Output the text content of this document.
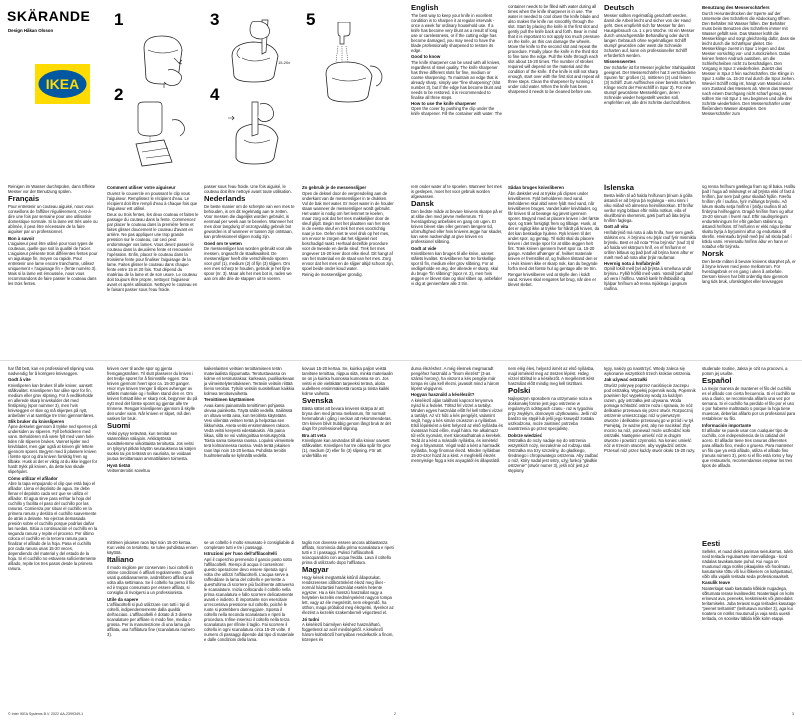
SKÄRANDE
Design Håkan Olsson
IKEA
1
2
3
4
5
15-20x

Reinigen im Wasser durchspülen, dann Effekte Messer vor der Benutzung spülen.

Français

Pour entretenir un couteau aiguisé, nous vous conseillons de l'affûter régulièrement, c'est-à-dire une fois par semaine pour une utilisation domestique normale. Si la lame est très usée ou abîmée, il peut être nécessaire de la faire aiguiser par un professionnel.

Bon à savoir

L'aiguiseur peut être utilisé pour tous types de couteaux, quelle que soit la qualité de l'acier. L'aiguiseur présente trois différentes fentes pour un aiguisage fin, moyen ou rapide. Pour entretenir une lame encore tranchante, utilisez uniquement « l'aiguisage fin » (fente numéro 3). Mais si la lame est émoussée, nous vous recommandons de faire passer le couteau dans les trois fentes.

Comment utiliser votre aiguiseur

Ouvrez le couvercle en poussant le clip vous l'aiguiseur. Remplissez le récipient d'eau. Le récipient doit être rempli d'eau à chaque fois que l'aiguiseur est utilisé.

Deux ou trois fentes, les deux couteau et faites le passage du couteau dans la fente. Commencez par placer le couteau dans la première fente et faites glisser doucement le couteau d'avant en arrière. Ne pas appliquer une trop grande pression sur le couteau, car ceci peut endommager vos lames. Vous devez passer le couteau dans la deuxième fente et renouveler l'opération. Enfin, placez le couteau dans la troisième fente pour finaliser l'aiguisage de la lame. Faites glisser le couteau dans chaque fente entre 15 et 20 fois. Tout dépend du matériau de la lame et de son usure. Le couteau doit toujours être propre, nettoyez l'aiguiseur avant et après utilisation. Nettoyez le couteau en le faisant passer sous l'eau froide.

passer sous l'eau froide. Une fois aiguisé, le couteau doit être nettoyé avant toute utilisation.

Nederlands

De beste manier om de scherpte van een mes te behouden, is om dit regelmatig aan te zetten. Voor messen die dagelijks worden gebruikt, is eenmaal per week aan te bevelen. Wanneer het mes door langdurig of onzorgvuldig gebruik bot geworden is of wanneer er tussen zijn ontstaan, kan professioneel slijpen nodig zijn.

Goed om te weten

De messenslijper kan worden gebruikt voor alle messen, ongeacht de staalkwaliteit. De messenslijper heeft drie verschillende sporen voor grof (1), medium (2) of fijn (3) slijpen. Om een mes scherp te houden, gebruik je het fijne spoor (nr. 3). Maar als het mes bot is, raden we aan om alle drie de stappen uit te voeren.

Zo gebruik je de messenslijper

Open de deksel door de vergrendeling aan de onderkant van de messenslijper in te drukken. Vul de bak met water. Er moet water in de houder staan wanneer de messenslijper wordt gebruikt. Het water is nodig om het lemmet te koelen, maar zorg ook dat het mes makkelijker door de sleuf glijdt. Begin met het plaatsen van het mes in de eerste sleuf en trek het mes voorzichtig naar je toe. Oefen niet te veel druk op het mes, om ervoor te zorgen dat het slijpwiel niet beschadigd raakt. Herhaal dezelfde procedure voor de tweede en derde sleuf. Trek het mes ongeveer 15-20 keer door elke sleuf. Dit hangt af van het materiaal en de staat van het mes. Zorg ervoor dat het mes en de slijper altijd schoon zijn, spoel beide onder koud water.

Reinig de messenslijper grondig.

English

The best way to keep your knife in excellent condition is to sharpen it at regular intervals - once a week for ordinary household use. If a knife has become very blunt as a result of long use or carelessness, or if the cutting edge has become damaged, you may need to have the blade professionally sharpened to restore its edge.

Good to know

The knife sharpener can be used with all knives, regardless of steel quality. The knife sharpener has three different slots for fine, medium or coarse sharpening. To maintain an edge that is already sharp, simply use "fine sharpening" (slot number 3), but if the edge has become blunt and needs to be restored, it is recommended to finalise all three steps.

How to use the knife sharpener

Open the cover by pushing the clip under the knife sharpener. Fill the container with water. The

container needs to be filled with water during all times when the knife sharpener is in use. The water is needed to cool down the knife blade and also makes the knife run smoothly through the slot. Start by placing the knife in the first slot and gently pull the knife back and forth. Bear in mind that it is important to not apply too much pressure on the knife, as this can damage the wheels. Move the knife to the second slot and repeat the procedure. Finally place the knife in the third slot to fine tune the edge. Pull the knife through each slot about 15-20 times. The number of strokes required will depend on the material and the condition of the knife. If the knife is still not sharp enough, start over with the first slot and repeat all three steps. Clean the sharpener by running it under cold water. When the knife has been sharpened it needs to be cleaned before use.

Deutsch

Messer sollten regelmäßig geschärft werden, damit die Arbeit leicht und sicher von der Hand geht. Dies empfiehlt sich für Messer für den Hausgebrauch ca. 1 x pro Woche. Ist ein Messer durch unsachgemäße Behandlung oder durch langen Gebrauch ohne regelmäßigen Schliff stumpf geworden oder weist die Schneide Scharten auf, kann ein professioneller Schliff erforderlich werden.

Wissenswertes

Der Schärfer ist für Messer jeglicher Stahlqualität geeignet. Der Messerschärfer hat 3 verschiedene Spuren für: großen (1), mittleren (2) und feinen (3) Schliff. Zum Auffrischen einer bereits scharfen Klinge reicht der Feinschliff in Spur 3). Für eine stumpf gewordene Messerklingen, deren Schneide wieder hergestellt werden soll, empfehlen wir, alle drei Schritte durchzuführen.

Benutzung des Messerschärfers

Durch Herunterdrücken der Sperre auf der Unterseite des Schärfers die Abdeckung öffnen. Den Behälter mit Wasser füllen. Der Behälter muss beim Benutzen des Schärfers immer mit Wasser gefüllt sein. Das Wasser kühlt die Messerklinge und sorgt gleichzeitig dafür, dass sie leicht durch die Schärfspur gleitet. Die Messerklinge zuerst in Spur 1 legen und das Messer vorsichtig vor- und zurückziehen. Dabei keinen festen Andruck ausüben, um die Schleifscheiben nicht zu beschädigen. Den Vorgang in Spur 2 wiederholen. Zuletzt das Messer in Spur 3 fein nachschärfen. Die Klinge in Spur 1 sollte ca. 15-20 mal durch die Spur ziehen. Wieviel Schliff nötig ist, hängt vom Material und vom Zustand des Messers ab. Wenn das Messer nach einem Durchgang nicht scharf genug ist, sollten Sie mit Spur 1 neu beginnen und alle drei Schritte wiederholen. Den Messerschärfer unter fließendem Wasser abspülen. Den Messerschärfer zum

rem onder water af te spoelen. Wanneer het mes is geslepen, moet het voor gebruik worden afgewassen.

Dansk

Den bedste måde at bevare knivens skarpe på er at slibe den med jævne mellemrum. Til hverdagsbrug anbefales en gang om ugen. Er kniven blevet sløv eller gennem længere tid, ufornuftighed eller hvis knivens ægge har skader, kan være nødvendigt at give kniven en professionel slibning.

Godt at vide

Knivsliberen kan bruges til alle knive, uanset stålets kvalitet. Knivsliberen har tre forskellige spor til fin, medium eller grov slibning. For at vedligeholde en æg, der allerede er skarp, skal du bruge "fin slibning" (spor nr. 3), men hvis æggen er blevet sløv og skal slibes op, anbefaler vi dig at gennemføre alle 3 trin.

Sådan bruges knivsliberen

Åbn dækslet ved at trykke på clipsen under knivsliberen. Fyld beholderen med vand. Beholderen skal altid være fyldt med vand, når knivsliberen bruges. Vandet køler knivbladet, og får kniven til at bevæge sig jævnt igennem sporet. Begynd med at placere kniven i det første spor, og træk forsigtigt frem og tilbage. Husk, at det er vigtigt ikke at trykke for hårdt på kniven, da det kan beskadige hjulene. Ryk kniven til det andet spor, og gentag. Til sidst skal du placere kniven i det tredje spor for at slibe æggen helt fint. Træk kniven igennem hvert spor ca. 15-20 gange. Antallet afhænger af, hvilket materiale kniven er fremstillet af, og hvilken tilstand den er i. Hvis kniven ikke er skarp nok, kan du begynde forfra med det første hul og gentage alle tre trin.

Rengør knivsliberen ved at skylle den i koldt vand. Kniven skal rengøres før brug, når den er blevet slebet.

Íslenska

Besta leiðin til að halda hnífunum þínum á góða ástandi er að brýna þá reglulega - einu sinni í viku miðað við almenna heimilisnotkun. Ef hnífur verður mjög bitlaus eftir mikla notkun, eða ef skurðbrúnin skemmist, gæti þurft að láta brýna hnífinn faglega.

Gott að vita

Hnífabrýnið má nota á alla hnífa, hver sem gæði stálsins eru. Á brýninu eru þrjár rauf fyrir mismikla brýnslu. Best er að nota "Fína brýnslu" (rauf 3) til að halda vel skörpum hníf, en ef hnífurinn er orðinn bitlaus og það þarf að brýna hann aftur er mælt með að nota allar þrjár raufarnar.

Hvernig nota á hnífabrýnið

Opnið lokið með því að þrýsta á smelluna undir brýninu. Fyllið hólfið með vatni. Vatnið þarf alltaf að vera í hólfinu. Vatnið kælir hnífsblaðið og hjálpar hnífnum að renna mjúklega í gegnum raufina.

og renna hnífnum gætilega fram og til baka. Hafðu það í huga að mikilvægt er að þrýsta ekki of fast á hnífinn, þar sem það getur skaðað hjólin. Færðu hnífinn yfir í raufina, fyrir miðlungs brýnslu. Að lokum skaltu setja hnífinn í þriðju raufina til að fínbrýna hnífsegginn. Dragið hnífinn fram og aftur 15-20 sinnum í hverri rauf. Eftir nauðsynlegum endurtekningum fer eftir gæðum stálsins og ástandi hnífsins. Ef hnífurinn er ekki nógu beittur skaltu byrja á byrjuninni aftur og endurtaka öll skrefin. Hreinsaðu brýnið með því að skola það í köldu vatni. Hreinsaðu hnífinn áður en hann er notaður eftir brýnslu.

Norsk

Den beste måten å bevare knivens skarphet på, er å bryne kniven med jevne mellomrom. For hverdagsbruk er en gang i uken å anbefale. Dersom kniven har blitt ordentlig sløv gjennom lang tids bruk, uforsiktighet eller knivseggen

har fått bett, kan en professionell slipning vara nødvendig for å korrigere knivseggen.

Godt å vite

Knivsliperen kan brukes til alle kniver, uansett stålkvalitet. Knivsliperen har ulike spor for fin, medium eller grov slipning. For å vedlikeholde en allerede skarp knivskulder det med finslipning (spor nummer 3), men hvis knivseggen er sløv og må skjerpes på nytt, anbefaler vi at samtlige tre trinn gjennomføres.

Slik bruker du knivsliperen

Åpne dekselet gjennom å trykke ned sperren på undersiden av sliperen. Fyll beholderen med vann. Beholderen må være fylt med vann hele tiden når sliperen brukes. Vannet kjøler ned knivbladet, men gjør også at kniven glir lettere gjennom sporet. Begynn med å plassere kniven i første spor og dra kniven forsiktig frem og tilbake. Husk at det er viktig at du ikke legger for hardt trykk på kniven, da dette kan skade slipehjulet.

Cómo utilizar el afilador

Abre la tapa empujando el clip que está bajo el afilador. Llena el depósito de agua. Se debe llenar el depósito cada vez que se utiliza el afilador. El agua sirve para enfriar la hoja del cuchillo y facilita el paso del cuchillo por las ranuras. Comienza por situar el cuchillo en la primera ranura y desliza el cuchillo suavemente de atrás a delante. No ejerzas demasiada presión sobre el cuchillo porque podrías dañar las ruedas. Sitúa a continuación el cuchillo en la segunda ranura y repite el proceso. Por último coloca el cuchillo en la tercera ranura para finalizar el afilado de la hoja. Pasa el cuchillo por cada ranura unas 15-20 veces, dependiendo del material y del estado de la hoja. Si el cuchillo no estuviera suficientemente afilado, repite los tres pasos desde la primera ranura.

kniven over til andre spor og gjenta fremgangsmåten. Til slutt plasserer du kniven i det tredje sporet for å fininnstille eggen. Dra kniven gjennom hvert spor ca. 15-20 ganger. Hvor mye kniven trenger å slipes avhenger av stålets materiale og i hvilken stand den er. Om kniven fortsatt ikke er skarp nok, begynner du på nytt med det første sporet og gjentar alle tre trinnene. Rengjør knivsliperen gjennom å skylle den under vann. Når kniven er slipet, må den vaskes før bruk.

Suomi

Veitsi pysyy terävänä, kun teroitat sen säännöllisin väliajoin. Arkikäytössä suosittelemme viikoittaista teroitusta. Jos veitsi on tylsynyt pitkän käytön seurauksena tai kärjen suoksi tai jos terässä on vaurioita, se voidaan joutua teroittamaan ammattilaisen toimesta.

Hyvä tietää

Veitsenteroitin soveltuu

kaikenlaisten veitsien teroittamiseen terän materiaalista riippumatta. Terotustavassa on kolme eri teroitusrakoa: karkeaan, puolikarkeaan ja viimeistelyteroitukseen. Teräviin veitsiin riittää hieno teroitus. Tylsiin veitsiin suositellaan kaikkia kolmea teroitusvaihetta.

Teroittimen käyttäminen

Avaa kansi painamalla teroittimen pohjassa olevaa painiketta. Täytä säiliö vedellä. Säiliössä on oltava vettä aina, kun teroitinta käytetään. Vesi viilentää veitsen terää ja helpottaa sen liikkumista. Aseta veitsi ensimmäiseen rakoon. Vedä veitsi kevyesti edestakaisin. Älä paina liikaa, sillä se voi vahingoittaa teroituspyöriä. Toista sama toisessa raossa. Lopuksi viimeistele terä kolmannessa raossa. Vedä terää jokaisen raon läpi noin 15-20 kertaa. Puhdista teroitin huuhtelemalla se kylmällä vedellä.

kovuus 15-20 kertaa. Se, kuinka paljon veistä tarvitsee teroittaa, riippuu siitä, minkä materiaalin se on ja kuinka huonossa kunnossa se on. Jos veitsi ei ole vieläkään tarpeeksi terävä, aloita uudelleen ensimmäisestä raosta ja toista kaikki kolme vaihetta.

Svenska

Bästa sättet att bevara knivens skärpa är att bryna den med jämna mellanrum, för normalt hemmabruk i gång i veckan att rekommenderas. Om kniven blivit trubbig genom långt bruk är det dags för professionell slipning.

Bra att veta

Knivslipare kan användas till alla knivar oavsett stålkvalitet. Knivslipen har tre olika spår för grov (1), medium (2) eller fin (3) slipning. För att underhålla en

mittimen jokaisen raon läpi noin 15-20 kertaa. Kun veitsi on teroitettu, se tulee puhdistaa ennen käyttöä.

Italiano

Il modo migliore per conservare i tuoi coltelli in ottime condizioni è affilarli regolarmente. Quelli usati quotidianamente, andrebbero affilati una volta alla settimana. Se il coltello ha perso il filo ed è troppo consumato per essere affilato, si consiglia di rivolgersi a un professionista.

Utile da sapere

L'affilacoltelli si può utilizzare con tutti i tipi di coltelli, indipendentemente dalla qualità dell'acciaio. L'affilacoltelli è dotato di 3 diverse scanalature per affilare in modo fine, media o grossa. Per la manutenzione di una lama già affilata, usa l'affilatura fine (scanalatura numero 3).

se un coltello è molto smussato è consigliabile di completare tutti e tre i passaggi.

Istruzioni per l'uso dell'affilacoltelli

Apri il coperchio premendo il gancio posto sotto l'affilacoltelli. Riempi di acqua il contenitore: questo operazione devo essere ripetuta ogni volta che utilizzi l'affilacoltelli. L'acqua serve a raffreddare la lama del coltello e permette a quest'ultima di scorrere più facilmente attraverso le scanalature. Inizia collocando il coltello nella prima scanalatura e fallo scorrere delicatamente avanti e indietro. È importante non esercitare un'eccessiva pressione sul coltello, poiché le ruote si potrebbero danneggiare. Sposta il coltello nella seconda scanalatura e ripeti la procedura. Infine inserisci il coltello nella terza scanalatura per rifinire il taglio. Fai scorrere il coltello in ogni scanalatura circa 15-20 volte. Il numero di passaggi dipende dal tipo di materiale e dalle condizioni della lama.

taglio non dovesse essere ancora abbastanza affilato, ricomincia dalla prima scanalatura e ripeti tutti e 3 i passaggi. Pulisci l'affilacoltelli sciacquandolo con acqua fredda. Lava il coltello prima di utilizzarlo dopo l'affilatura.

Magyar

Hogy kések megtartsák kitűnő állapotukat, rendszeresen időközönként élezd meg őket - normál háztartási használat esetén hetente egyszer. Ha a kés hosszú használat vagy a helytelen kezelés eredményeként nagyon tompa lett, vagy az éle megsérült, nem elegendő, ha otthon, maga próbálod meg élezgetni. Ilyenkor az élezést a kezelés szakembernél végeztesd el.

Jó tudni

A késélező bármilyen késhez használható, függetlenül az acél minőségétől. A késélező három különböző hornyában rendelkezik a finom, közepes és

durva élezéshez. A még élesnek megmaradt pengéhez használd a "finom élezést" (3-as számú horony), ha viszont a kés pengéje már tompa és újra kell élezni, javasolt mind a három lépést végigvinni.

Hogyan használd a késélezőt?

A késélező alján található kapcsot lenyomva nyisd ki a fedelet. Töltsd fel vízzel a tartályt. Minden egyes használat előtt fel kell tölteni vízzel a tartályt. Az víz hűti a kés pengéjét, valamint segít, hogy a kés simán csússzon a nyílásban. Első lépésként a kést helyezd az első nyílásba és óvatosan húzd előre, majd hátra. Ne alkalmazz túl erős nyomást, mert károsodhatnak a kerekek. Tedd át a kést a második nyílásba, és ismételd meg a folyamatot. Végül tedd a kést a harmadik nyílásba, hogy finoman élezd. Minden nyílásban 15-20-szor húzd át a kést. A megfelelő élezés mennyisége függ a kés anyagától és állapotától.

nem elég éles, helyezd ismét az első nyílásba, majd ismételd meg az összes lépést. Hideg vízzel öblítsd le a késélezőt. A megélezett kést használat előtt mindig meg kell tisztítani.

Polski

Najlepszym sposobem na utrzymanie noża w doskonałej formie jest jego ostrzenie w regularnych odstępach czasu - raz w tygodniu przy zwykłym, domowym użytkowaniu. Jeśli nóż bardzo się stępił lub jeśli jego krawędź została uszkodzona, może zaistnieć potrzeba naostrzenia go przez specjalistę.

Dobrze wiedzieć

Ostrzałka do noży nadaje się do ostrzenia wszystkich noży, niezależnie od rodzaju stali. Ostrzałka ma trzy szczeliny, do gładkiego, średniego i chropowatego ostrzenia. Aby zadbać o nóż, który nadal jest ostry, użyj funkcji "gładkie ostrzenie" (otwór numer 3), jeśli nóż jest już stępiony.

tępy, należy go naostrzyć. Wtedy zaleca się wykonanie wszystkich trzech kroków ostrzenia.

Jak używać ostrzałki

Otwórz pokrywę poprzez naciśnięcie zaczepu pod ostrzałką. Wypełnij pojemnik wodą. Pojemnik powinien być wypełniony wodą za każdym razem, gdy ostrzałka jest używana. Woda pomaga schłodzić ostrze noża i sprawia, że nóż delikatnie przesuwa się przez otwór. Rozpocznij ostrzenie umieszczając nóż w pierwszym otworze i delikatnie przesuwaj go w przód i w tył. Pamiętaj, że ważne jest, aby nie naciskać zbyt mocno na nóż, ponieważ może uszkodzić koło ostrzałki. Następnie umieść nóż w drugim otworze i powtórz czynności. Na koniec umieść nóż w trzecim otworze, aby wygładzić ostrze. Przesuń nóż przez każdy otwór około 15-20 razy.

Eesti

Selleks, et nuad oleks parimas seisukorras, tuleb neid teritada regulaarsete intervallidega - kord nädalas tavakasutuse puhul. Kui nuga on muutunud väga nüriks pikaajalise või hoolimatu kasutamise tõttu või kui lõikeserv on kahjustatud, võib olla vajalik teritada seda professionaalselt.

Kasulik teave

Noateritajat saab kasutada kõikide nugadega, sõltumata terase kvaliteedist. Noateritajal on kolm erinevat ava, peeneks, keskmiseks või jämedaks teritamiseks. Juba teravat nuga teritades kasutage "peenet teritamist" (teritusava number 3), aga kui noaterа on nüriks muutunud ja vaja seda uuesti teritada, on soovitav läbida kõik kolm etappi.

studerade routine, Jaksa je ozit na pracovni, a potom jej usušte.

Español

La mejor manera de mantener el filo del cuchillo es el afilado con cierta frecuencia. Si el cuchillo se usa a diario, se recomienda afilarlo una vez por semana. Si el cuchillo ha perdido el filo por el uso o por haberse maltratado o porque la hoja tiene muescas, deberías afilarlo por un profesional para restablecer su filo.

Información importante

El afilador se puede usar con cualquier tipo de cuchillo, con independencia de la calidad del acero. El afilador tiene tres ranuras diferentes para afilado fino, medio o grueso. Para mantener un filo que ya está afilado, utiliza el afilado fino (ranura número 3), pero si el filo está romo y hay que restaurarlo, recomendamos emplear los tres tipos de afilado.

© Inter IKEA Systems B.V. 2022 AA-2399349-1	2	3
